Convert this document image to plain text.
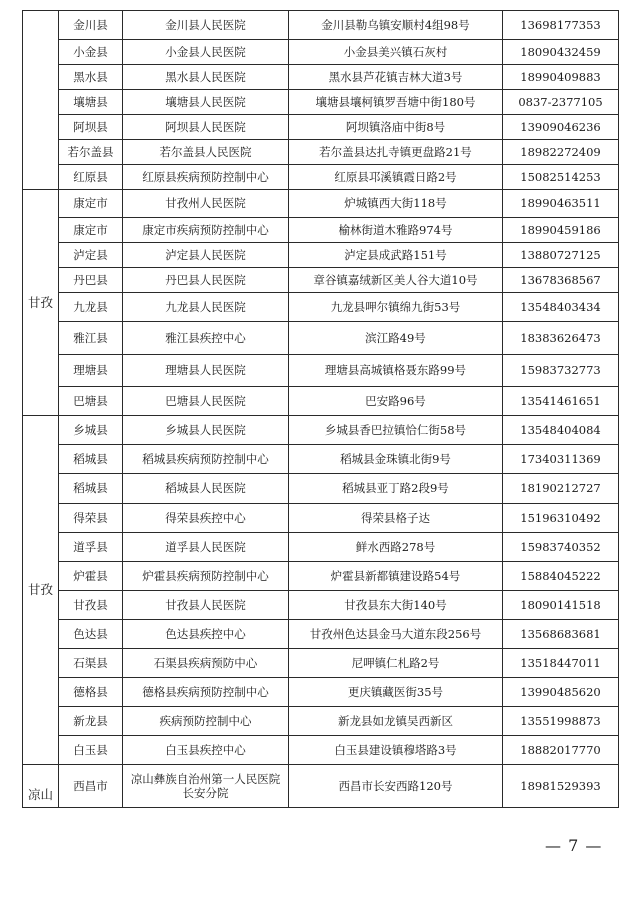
	金川县	金川县人民医院	金川县勒乌镇安顺村4组98号	13698177353
	小金县	小金县人民医院	小金县美兴镇石灰村	18090432459
	黑水县	黑水县人民医院	黑水县芦花镇吉林大道3号	18990409883
	壤塘县	壤塘县人民医院	壤塘县壤柯镇罗吾塘中街180号	0837-2377105
	阿坝县	阿坝县人民医院	阿坝镇洛庙中街8号	13909046236
	若尔盖县	若尔盖县人民医院	若尔盖县达扎寺镇更盘路21号	18982272409
	红原县	红原县疾病预防控制中心	红原县邛溪镇霞日路2号	15082514253
甘孜	康定市	甘孜州人民医院	炉城镇西大街118号	18990463511
	康定市	康定市疾病预防控制中心	榆林街道木雅路974号	18990459186
	泸定县	泸定县人民医院	泸定县成武路151号	13880727125
	丹巴县	丹巴县人民医院	章谷镇嘉绒新区美人谷大道10号	13678368567
	九龙县	九龙县人民医院	九龙县呷尔镇绵九街53号	13548403434
	雅江县	雅江县疾控中心	滨江路49号	18383626473
	理塘县	理塘县人民医院	理塘县高城镇格聂东路99号	15983732773
	巴塘县	巴塘县人民医院	巴安路96号	13541461651
甘孜	乡城县	乡城县人民医院	乡城县香巴拉镇恰仁街58号	13548404084
	稻城县	稻城县疾病预防控制中心	稻城县金珠镇北街9号	17340311369
	稻城县	稻城县人民医院	稻城县亚丁路2段9号	18190212727
	得荣县	得荣县疾控中心	得荣县格子达	15196310492
	道孚县	道孚县人民医院	鲜水西路278号	15983740352
	炉霍县	炉霍县疾病预防控制中心	炉霍县新都镇建设路54号	15884045222
	甘孜县	甘孜县人民医院	甘孜县东大街140号	18090141518
	色达县	色达县疾控中心	甘孜州色达县金马大道东段256号	13568683681
	石渠县	石渠县疾病预防中心	尼呷镇仁札路2号	13518447011
	德格县	德格县疾病预防控制中心	更庆镇藏医街35号	13990485620
	新龙县	疾病预防控制中心	新龙县如龙镇吴西新区	13551998873
	白玉县	白玉县疾控中心	白玉县建设镇穆塔路3号	18882017770
凉山	西昌市	凉山彝族自治州第一人民医院长安分院	西昌市长安西路120号	18981529393
— 7 —
